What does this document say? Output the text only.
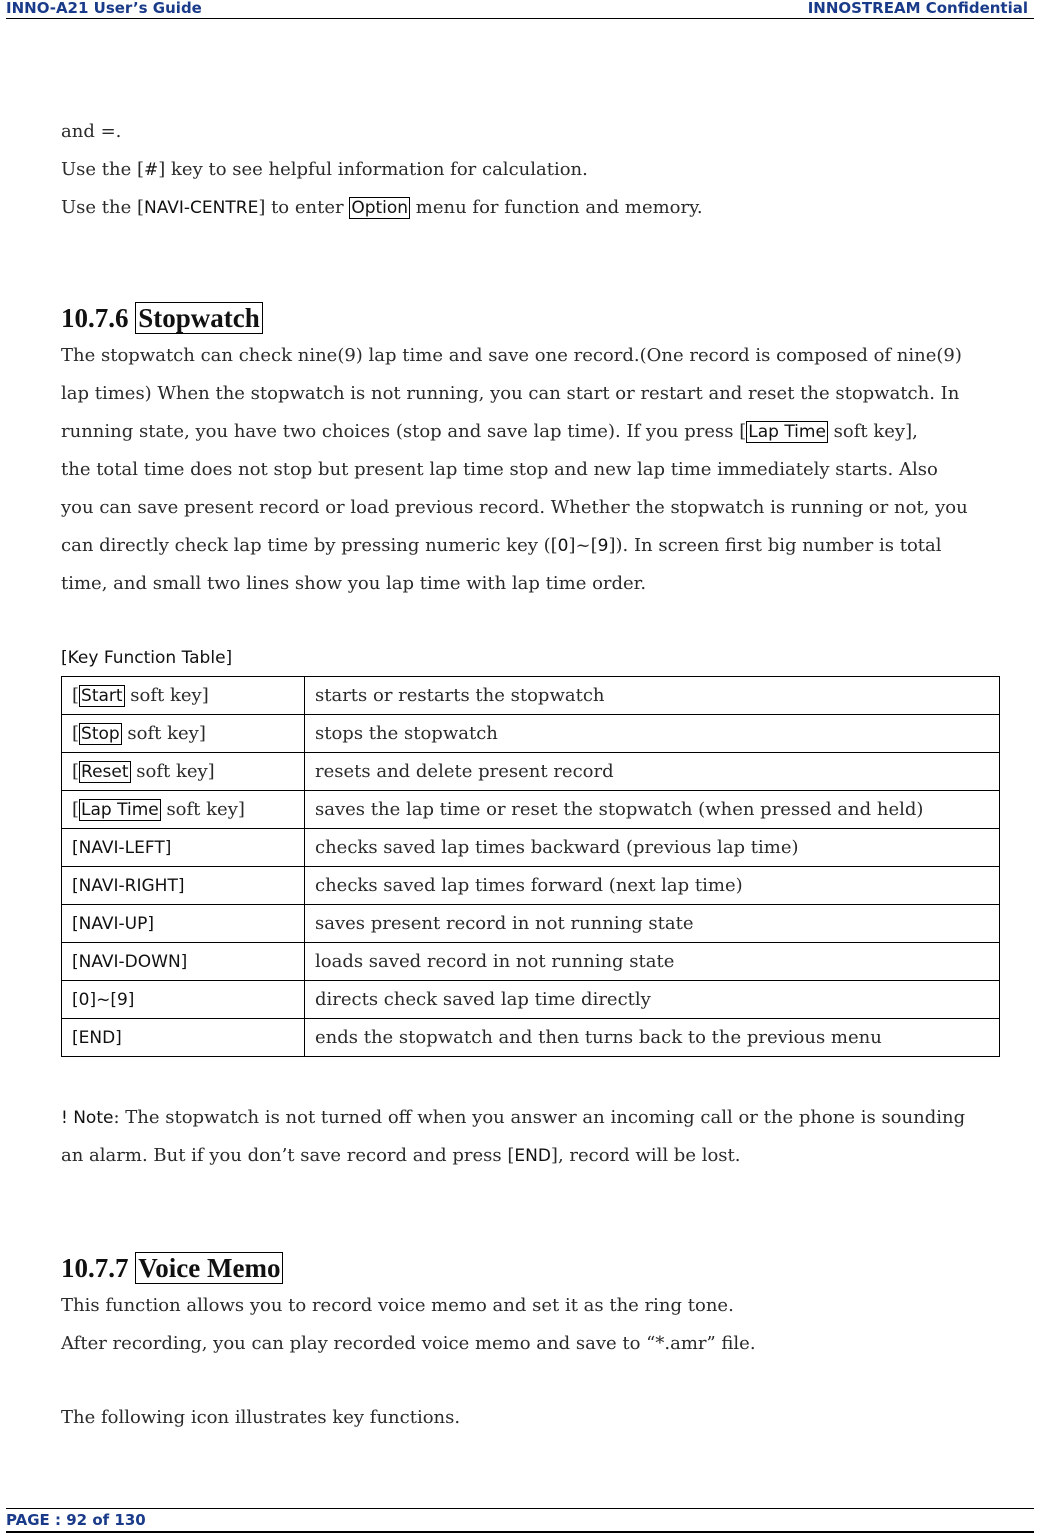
INNO-A21 User’s Guide	INNOSTREAM Confidential
and =.
Use the [#] key to see helpful information for calculation.
Use the [NAVI-CENTRE] to enter Option menu for function and memory.
10.7.6 Stopwatch
The stopwatch can check nine(9) lap time and save one record.(One record is composed of nine(9)
lap times) When the stopwatch is not running, you can start or restart and reset the stopwatch. In
running state, you have two choices (stop and save lap time). If you press [ Lap Time soft key],
the total time does not stop but present lap time stop and new lap time immediately starts. Also
you can save present record or load previous record. Whether the stopwatch is running or not, you
can directly check lap time by pressing numeric key ([0]~[9]). In screen first big number is total
time, and small two lines show you lap time with lap time order.
[Key Function Table]
[ Start soft key]	starts or restarts the stopwatch
[ Stop soft key]	stops the stopwatch
[ Reset soft key]	resets and delete present record
[ Lap Time soft key]	saves the lap time or reset the stopwatch (when pressed and held)
[NAVI-LEFT]	checks saved lap times backward (previous lap time)
[NAVI-RIGHT]	checks saved lap times forward (next lap time)
[NAVI-UP]	saves present record in not running state
[NAVI-DOWN]	loads saved record in not running state
[0]~[9]	directs check saved lap time directly
[END]	ends the stopwatch and then turns back to the previous menu
! Note: The stopwatch is not turned off when you answer an incoming call or the phone is sounding
an alarm. But if you don’t save record and press [END], record will be lost.
10.7.7 Voice Memo
This function allows you to record voice memo and set it as the ring tone.
After recording, you can play recorded voice memo and save to “*.amr” file.
The following icon illustrates key functions.
PAGE : 92 of 130
